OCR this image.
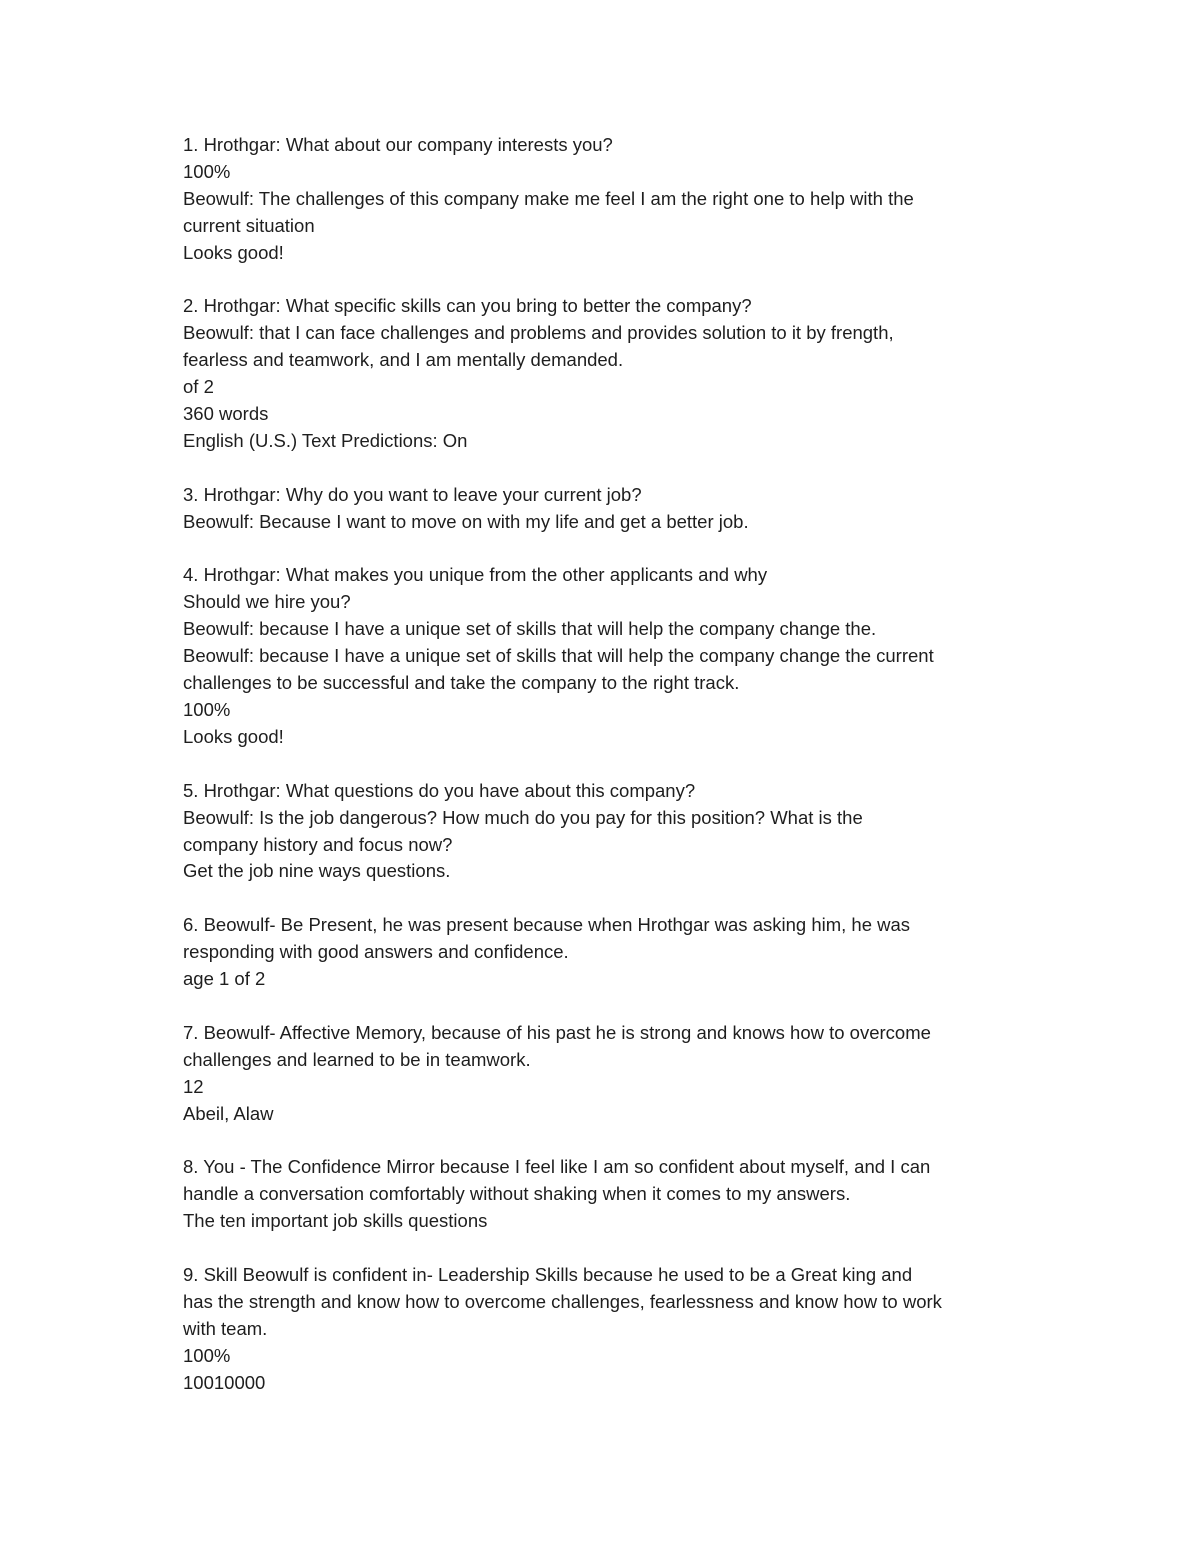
1. Hrothgar: What about our company interests you?
100%
Beowulf: The challenges of this company make me feel I am the right one to help with the
current situation
Looks good!
2. Hrothgar: What specific skills can you bring to better the company?
Beowulf: that I can face challenges and problems and provides solution to it by frength,
fearless and teamwork, and I am mentally demanded.
of 2
360 words
English (U.S.) Text Predictions: On
3. Hrothgar: Why do you want to leave your current job?
Beowulf: Because I want to move on with my life and get a better job.
4. Hrothgar: What makes you unique from the other applicants and why
Should we hire you?
Beowulf: because I have a unique set of skills that will help the company change the.
Beowulf: because I have a unique set of skills that will help the company change the current
challenges to be successful and take the company to the right track.
100%
Looks good!
5. Hrothgar: What questions do you have about this company?
Beowulf: Is the job dangerous? How much do you pay for this position? What is the
company history and focus now?
Get the job nine ways questions.
6. Beowulf- Be Present, he was present because when Hrothgar was asking him, he was
responding with good answers and confidence.
age 1 of 2
7. Beowulf- Affective Memory, because of his past he is strong and knows how to overcome
challenges and learned to be in teamwork.
12
Abeil, Alaw
8. You - The Confidence Mirror because I feel like I am so confident about myself, and I can
handle a conversation comfortably without shaking when it comes to my answers.
The ten important job skills questions
9. Skill Beowulf is confident in- Leadership Skills because he used to be a Great king and
has the strength and know how to overcome challenges, fearlessness and know how to work
with team.
100%
10010000
